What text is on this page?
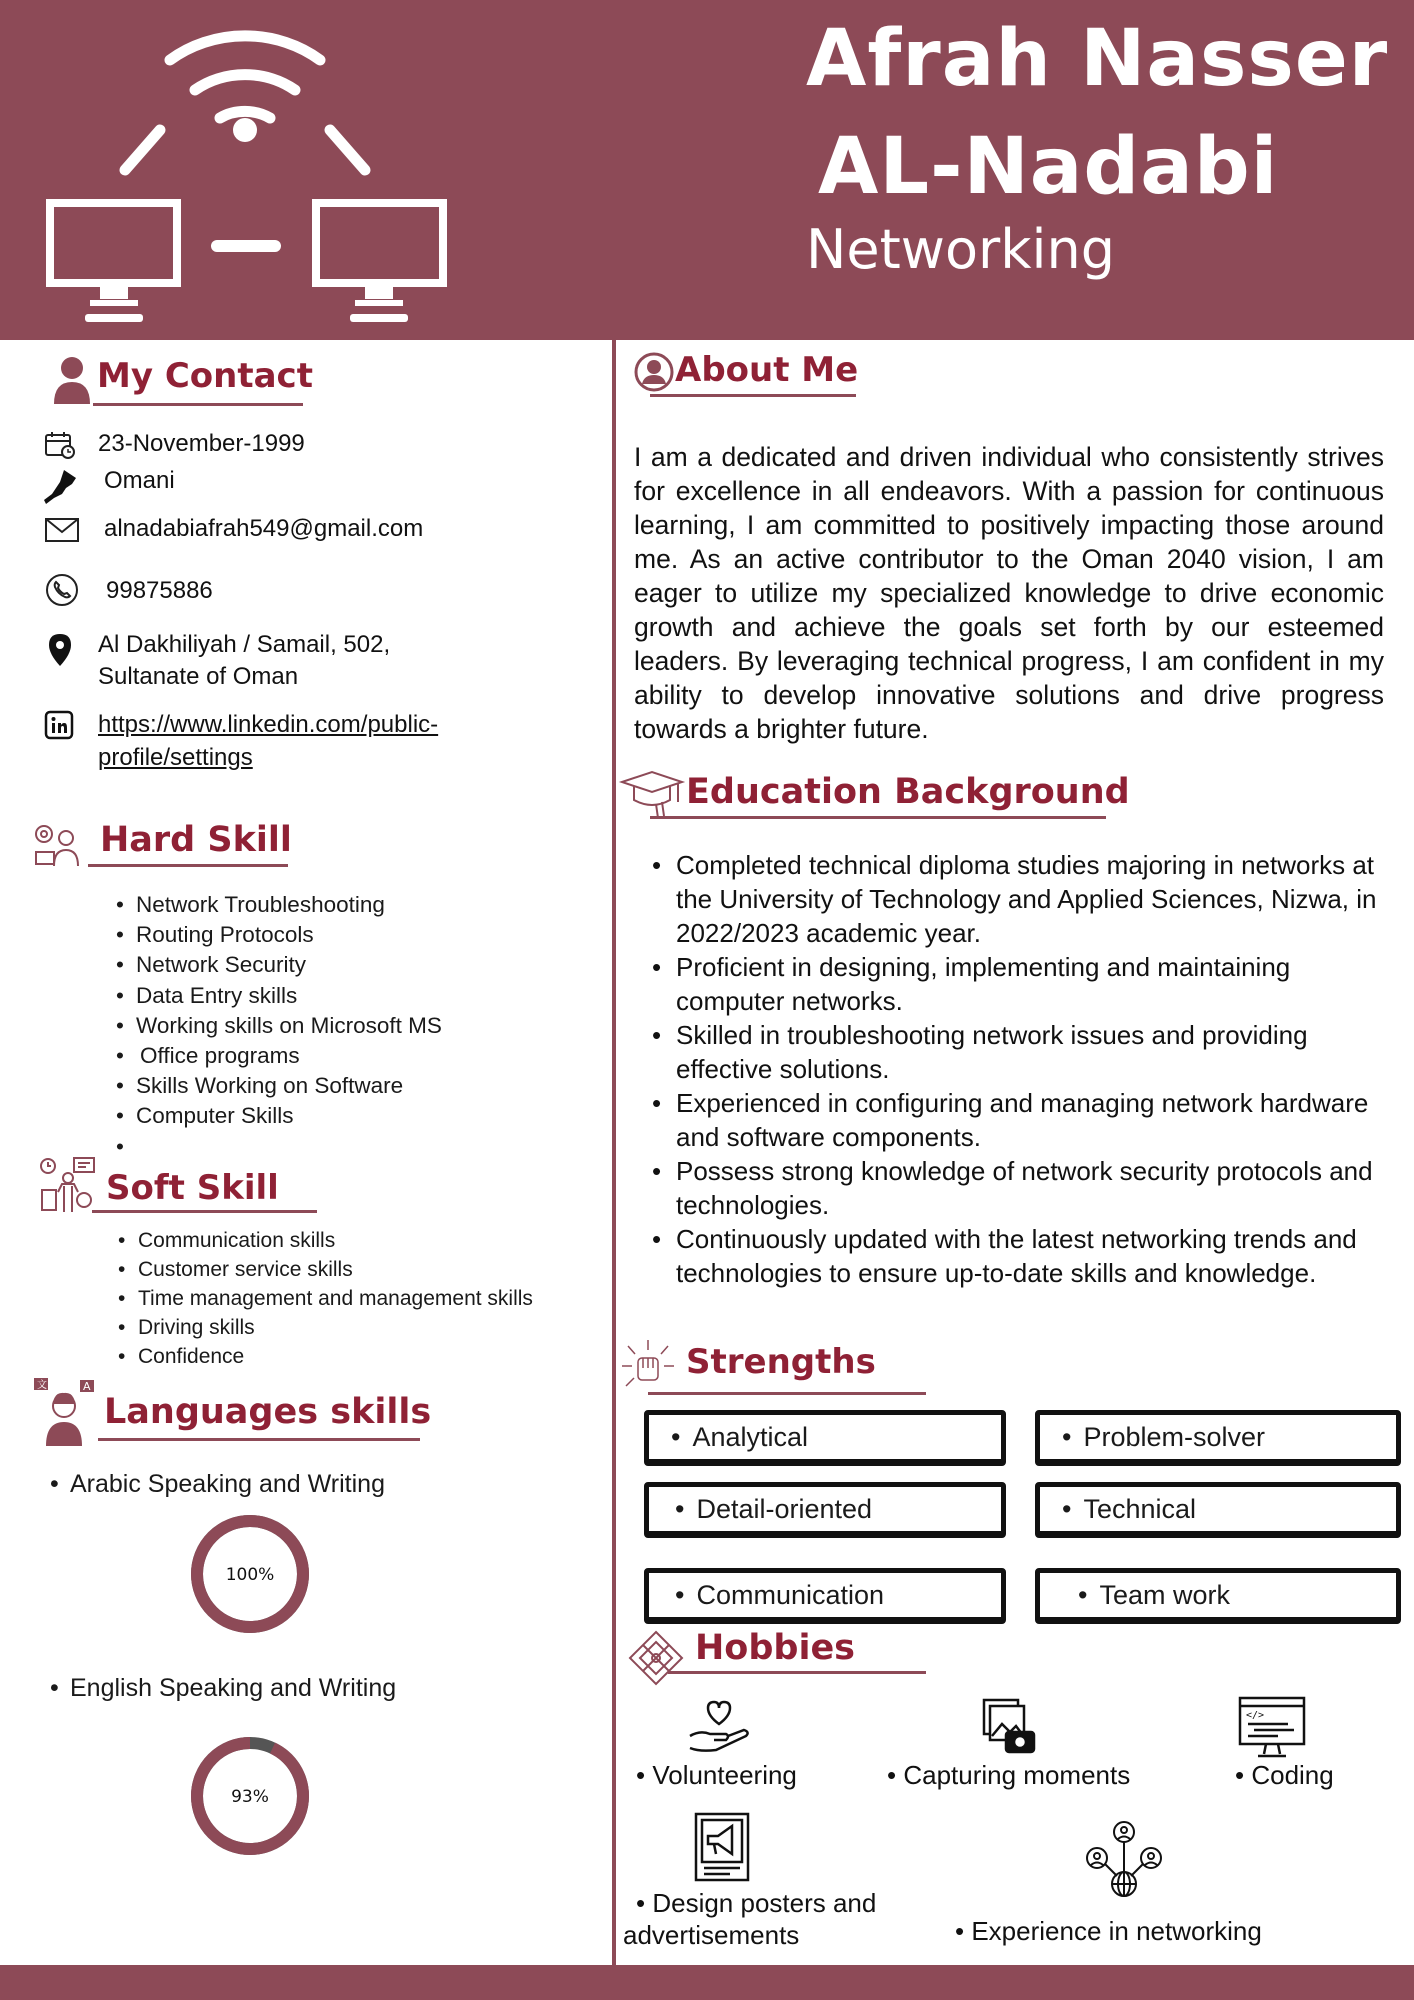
Afrah Nasser
AL-Nadabi
Networking
My Contact
23-November-1999
Omani
alnadabiafrah549@gmail.com
99875886
Al Dakhiliyah / Samail, 502,
Sultanate of Oman
https://www.linkedin.com/public-
profile/settings
Hard Skill
• Network Troubleshooting
• Routing Protocols
• Network Security
• Data Entry skills
• Working skills on Microsoft MS
• Office programs
• Skills Working on Software
• Computer Skills
•
Soft Skill
• Communication skills
• Customer service skills
• Time management and management skills
• Driving skills
• Confidence
文	A
Languages skills
• Arabic Speaking and Writing
100%
• English Speaking and Writing
93%
About Me
I am a dedicated and driven individual who consistently strives for excellence in all endeavors. With a passion for continuous learning, I am committed to positively impacting those around me. As an active contributor to the Oman 2040 vision, I am eager to utilize my specialized knowledge to drive economic growth and achieve the goals set forth by our esteemed leaders. By leveraging technical progress, I am confident in my ability to develop innovative solutions and drive progress towards a brighter future.
Education Background
• Completed technical diploma studies majoring in networks at the University of Technology and Applied Sciences, Nizwa, in 2022/2023 academic year.
• Proficient in designing, implementing and maintaining computer networks.
• Skilled in troubleshooting network issues and providing effective solutions.
• Experienced in configuring and managing network hardware and software components.
• Possess strong knowledge of network security protocols and technologies.
• Continuously updated with the latest networking trends and technologies to ensure up-to-date skills and knowledge.
Strengths
• Analytical	• Problem-solver
• Detail-oriented	• Technical
• Communication	• Team work
Hobbies
• Volunteering	• Capturing moments
</>
• Coding
• Design posters and
advertisements	• Experience in networking
